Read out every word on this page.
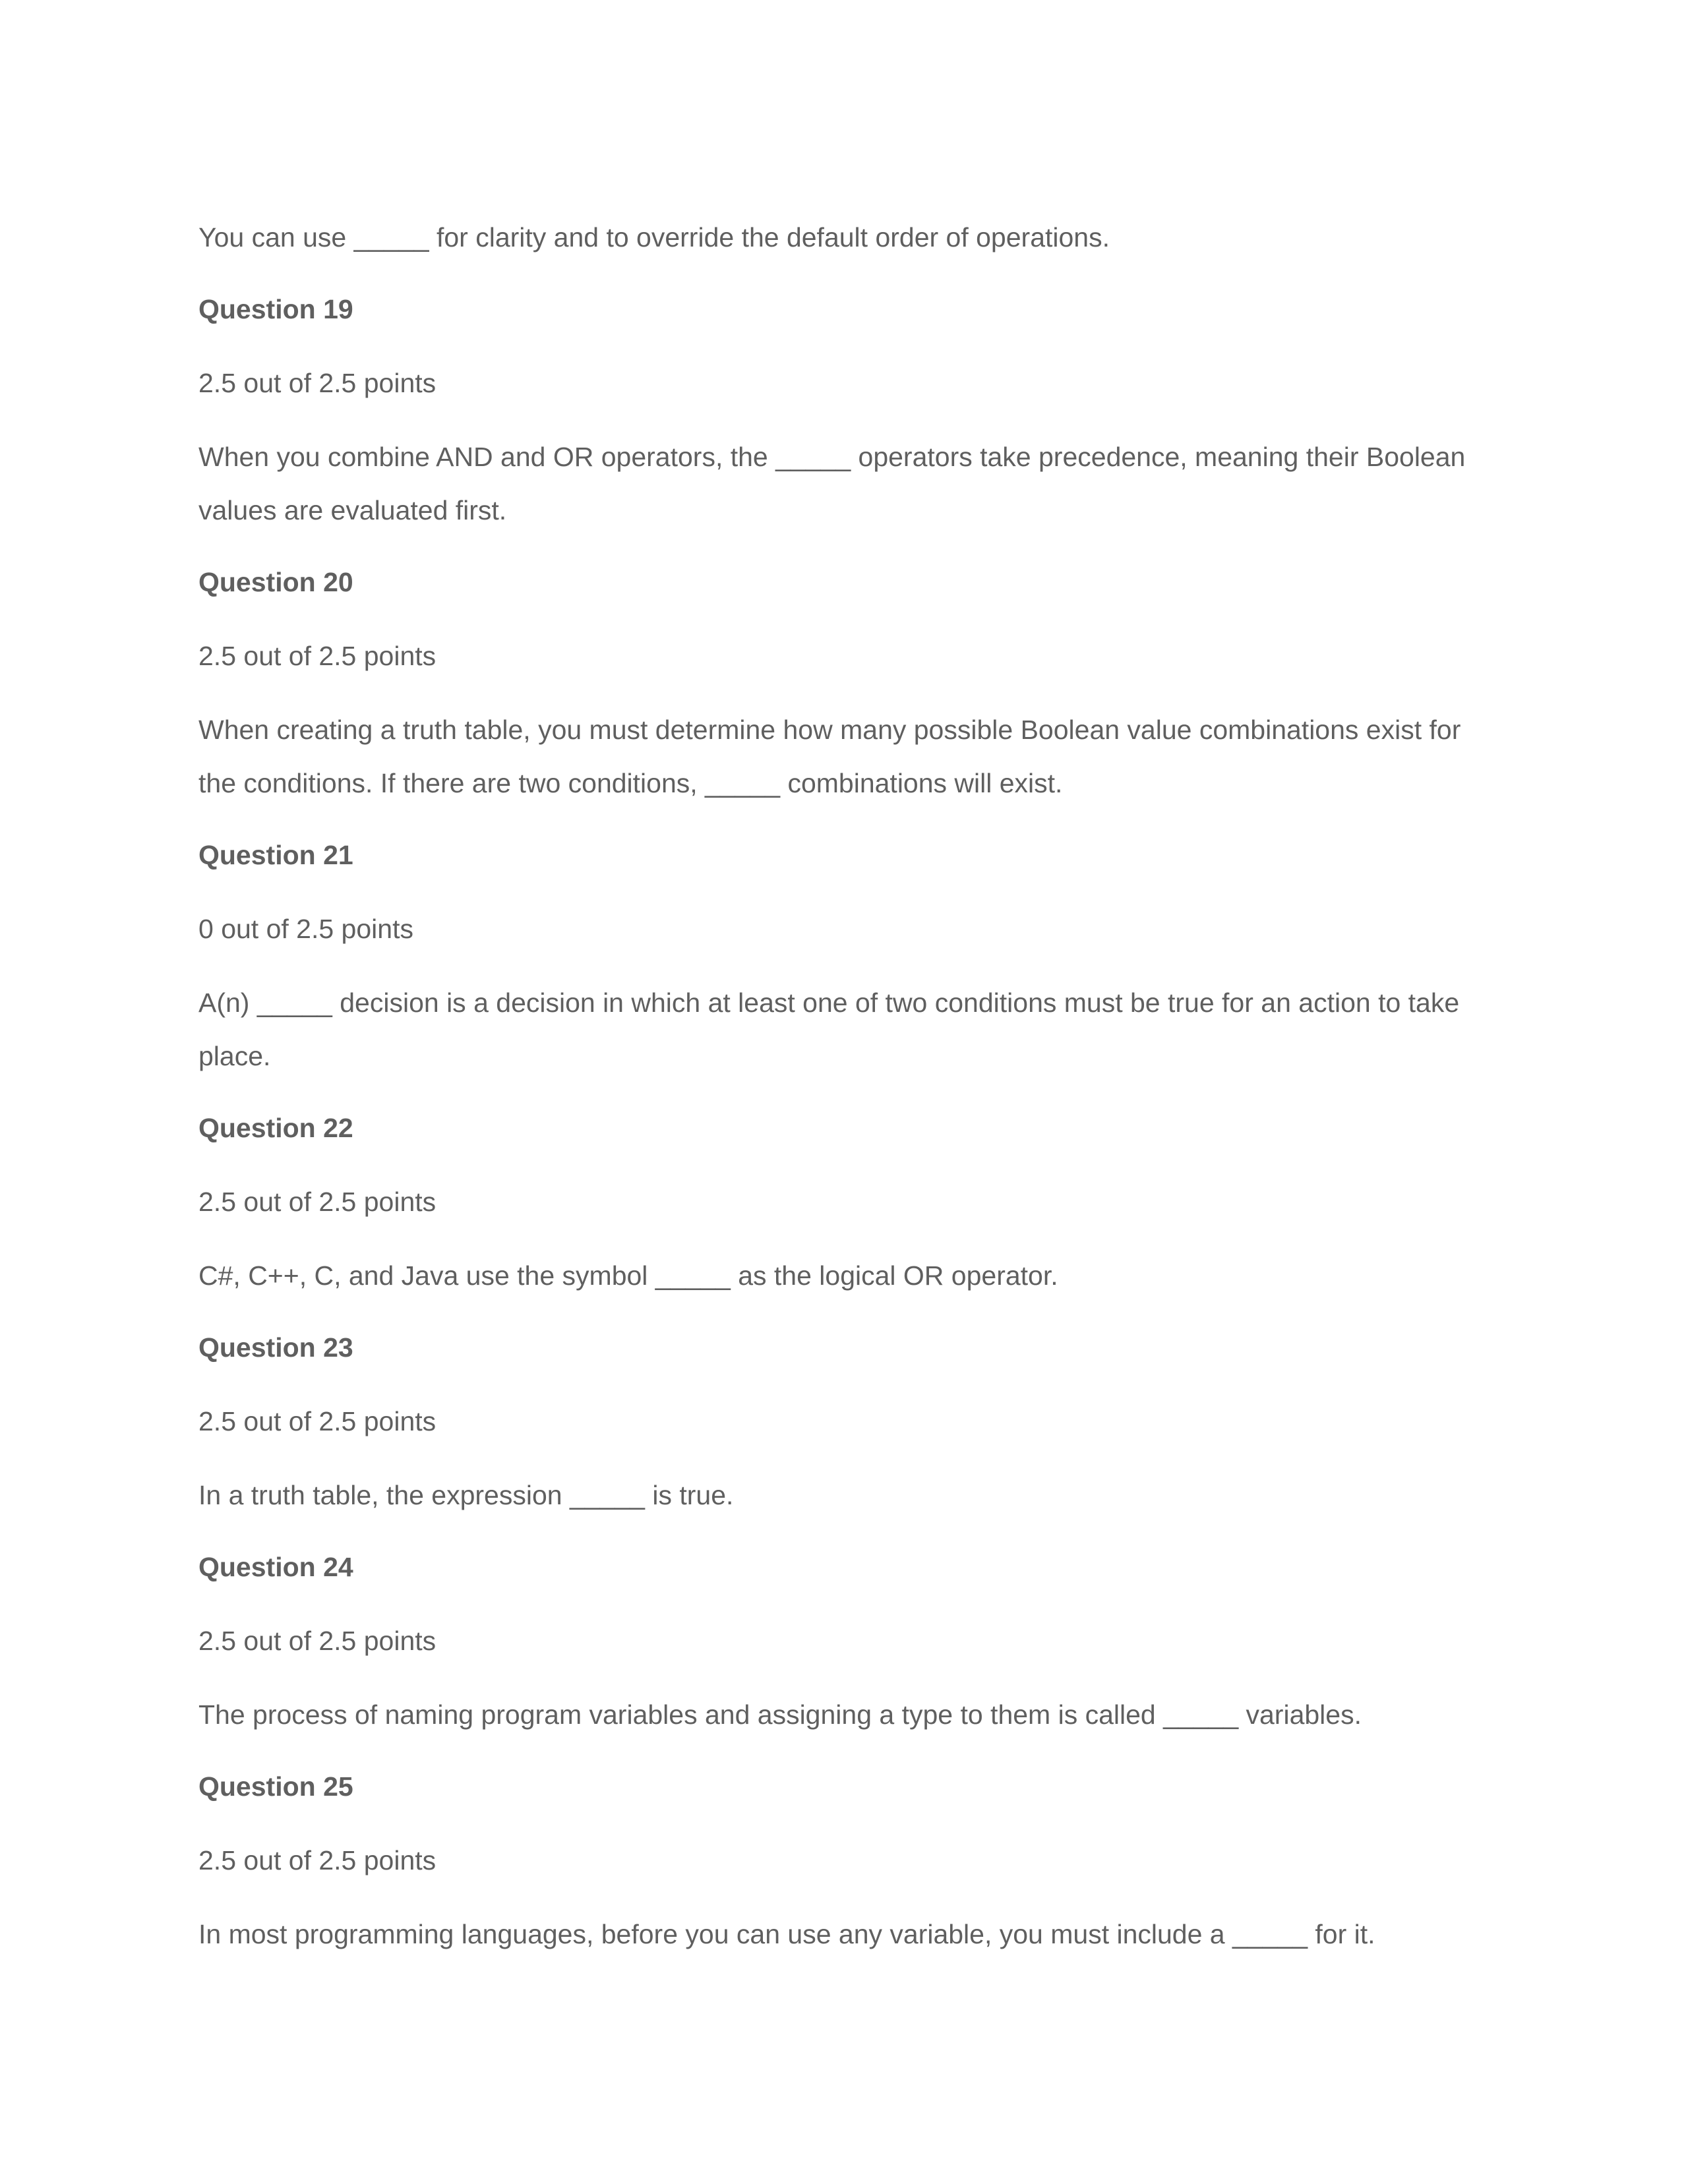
You can use _____ for clarity and to override the default order of operations.

Question 19

2.5 out of 2.5 points

When you combine AND and OR operators, the _____ operators take precedence, meaning their Boolean values are evaluated first.

Question 20

2.5 out of 2.5 points

When creating a truth table, you must determine how many possible Boolean value combinations exist for the conditions. If there are two conditions, _____ combinations will exist.

Question 21

0 out of 2.5 points

A(n) _____ decision is a decision in which at least one of two conditions must be true for an action to take place.

Question 22

2.5 out of 2.5 points

C#, C++, C, and Java use the symbol _____ as the logical OR operator.

Question 23

2.5 out of 2.5 points

In a truth table, the expression _____ is true.

Question 24

2.5 out of 2.5 points

The process of naming program variables and assigning a type to them is called _____ variables.

Question 25

2.5 out of 2.5 points

In most programming languages, before you can use any variable, you must include a _____ for it.
